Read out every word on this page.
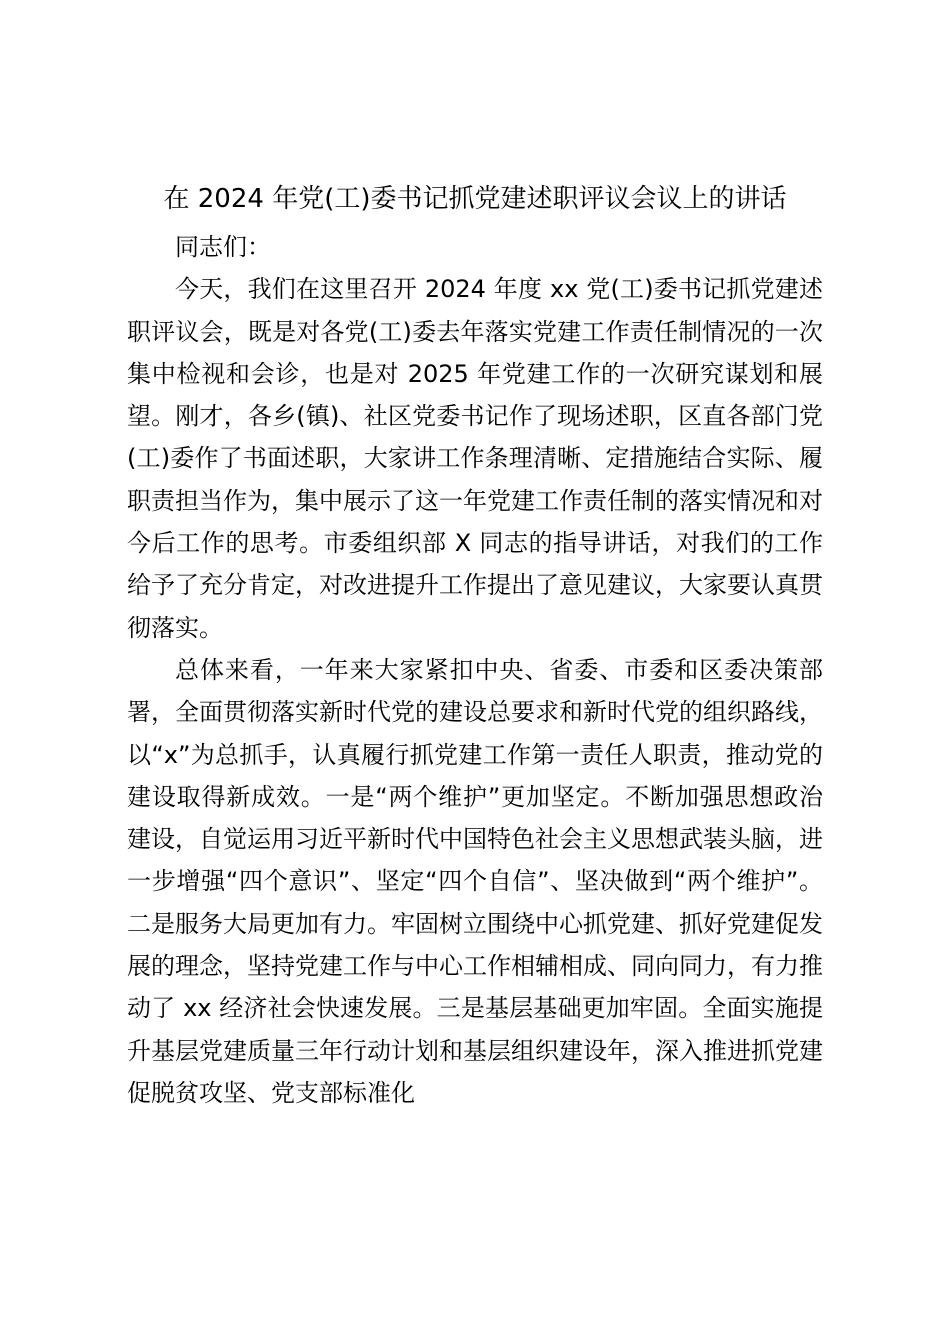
在 2024 年党(工)委书记抓党建述职评议会议上的讲话

同志们：

今天，我们在这里召开 2024 年度 xx 党(工)委书记抓党建述职评议会，既是对各党(工)委去年落实党建工作责任制情况的一次集中检视和会诊，也是对 2025 年党建工作的一次研究谋划和展望。刚才，各乡(镇)、社区党委书记作了现场述职，区直各部门党(工)委作了书面述职，大家讲工作条理清晰、定措施结合实际、履职责担当作为，集中展示了这一年党建工作责任制的落实情况和对今后工作的思考。市委组织部 X 同志的指导讲话，对我们的工作给予了充分肯定，对改进提升工作提出了意见建议，大家要认真贯彻落实。

总体来看，一年来大家紧扣中央、省委、市委和区委决策部署，全面贯彻落实新时代党的建设总要求和新时代党的组织路线，以“x”为总抓手，认真履行抓党建工作第一责任人职责，推动党的建设取得新成效。一是“两个维护”更加坚定。不断加强思想政治建设，自觉运用习近平新时代中国特色社会主义思想武装头脑，进一步增强“四个意识”、坚定“四个自信”、坚决做到“两个维护”。二是服务大局更加有力。牢固树立围绕中心抓党建、抓好党建促发展的理念，坚持党建工作与中心工作相辅相成、同向同力，有力推动了 xx 经济社会快速发展。三是基层基础更加牢固。全面实施提升基层党建质量三年行动计划和基层组织建设年，深入推进抓党建促脱贫攻坚、党支部标准化
